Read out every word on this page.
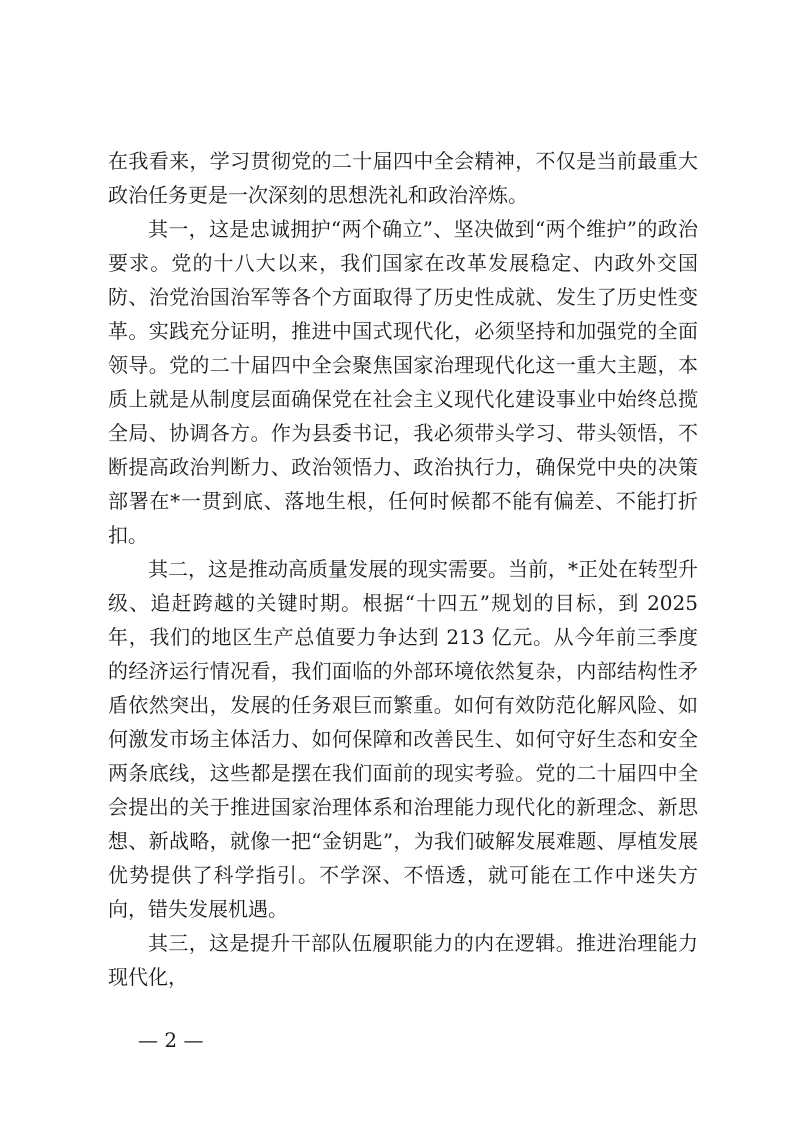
在我看来，学习贯彻党的二十届四中全会精神，不仅是当前最重大政治任务更是一次深刻的思想洗礼和政治淬炼。

其一，这是忠诚拥护“两个确立”、坚决做到“两个维护”的政治要求。党的十八大以来，我们国家在改革发展稳定、内政外交国防、治党治国治军等各个方面取得了历史性成就、发生了历史性变革。实践充分证明，推进中国式现代化，必须坚持和加强党的全面领导。党的二十届四中全会聚焦国家治理现代化这一重大主题，本质上就是从制度层面确保党在社会主义现代化建设事业中始终总揽全局、协调各方。作为县委书记，我必须带头学习、带头领悟，不断提高政治判断力、政治领悟力、政治执行力，确保党中央的决策部署在*一贯到底、落地生根，任何时候都不能有偏差、不能打折扣。

其二，这是推动高质量发展的现实需要。当前，*正处在转型升级、追赶跨越的关键时期。根据“十四五”规划的目标，到 2025 年，我们的地区生产总值要力争达到 213 亿元。从今年前三季度的经济运行情况看，我们面临的外部环境依然复杂，内部结构性矛盾依然突出，发展的任务艰巨而繁重。如何有效防范化解风险、如何激发市场主体活力、如何保障和改善民生、如何守好生态和安全两条底线，这些都是摆在我们面前的现实考验。党的二十届四中全会提出的关于推进国家治理体系和治理能力现代化的新理念、新思想、新战略，就像一把“金钥匙”，为我们破解发展难题、厚植发展优势提供了科学指引。不学深、不悟透，就可能在工作中迷失方向，错失发展机遇。

其三，这是提升干部队伍履职能力的内在逻辑。推进治理能力现代化，

— 2 —
